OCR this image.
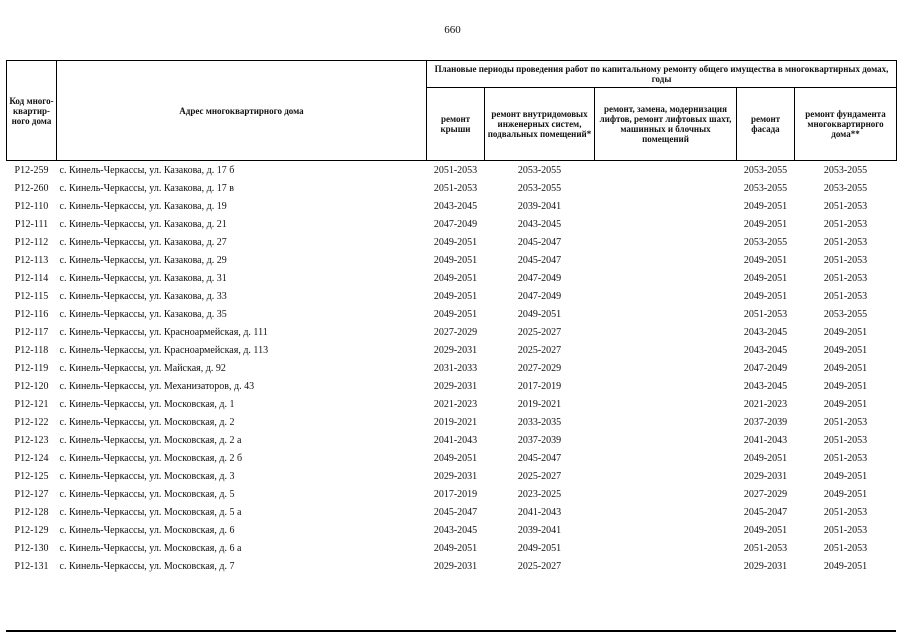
660
Код много-квартир-ного дома	Адрес многоквартирного дома	Плановые периоды проведения работ по капитальному ремонту общего имущества в многоквартирных домах, годы				
		ремонт крыши	ремонт внутридомовых инженерных систем, подвальных помещений*	ремонт, замена, модернизация лифтов, ремонт лифтовых шахт, машинных и блочных помещений	ремонт фасада	ремонт фундамента многоквартирного дома**
P12-259	с. Кинель-Черкассы, ул. Казакова, д. 17 б	2051-2053	2053-2055		2053-2055	2053-2055
P12-260	с. Кинель-Черкассы, ул. Казакова, д. 17 в	2051-2053	2053-2055		2053-2055	2053-2055
P12-110	с. Кинель-Черкассы, ул. Казакова, д. 19	2043-2045	2039-2041		2049-2051	2051-2053
P12-111	с. Кинель-Черкассы, ул. Казакова, д. 21	2047-2049	2043-2045		2049-2051	2051-2053
P12-112	с. Кинель-Черкассы, ул. Казакова, д. 27	2049-2051	2045-2047		2053-2055	2051-2053
P12-113	с. Кинель-Черкассы, ул. Казакова, д. 29	2049-2051	2045-2047		2049-2051	2051-2053
P12-114	с. Кинель-Черкассы, ул. Казакова, д. 31	2049-2051	2047-2049		2049-2051	2051-2053
P12-115	с. Кинель-Черкассы, ул. Казакова, д. 33	2049-2051	2047-2049		2049-2051	2051-2053
P12-116	с. Кинель-Черкассы, ул. Казакова, д. 35	2049-2051	2049-2051		2051-2053	2053-2055
P12-117	с. Кинель-Черкассы, ул. Красноармейская, д. 111	2027-2029	2025-2027		2043-2045	2049-2051
P12-118	с. Кинель-Черкассы, ул. Красноармейская, д. 113	2029-2031	2025-2027		2043-2045	2049-2051
P12-119	с. Кинель-Черкассы, ул. Майская, д. 92	2031-2033	2027-2029		2047-2049	2049-2051
P12-120	с. Кинель-Черкассы, ул. Механизаторов, д. 43	2029-2031	2017-2019		2043-2045	2049-2051
P12-121	с. Кинель-Черкассы, ул. Московская, д. 1	2021-2023	2019-2021		2021-2023	2049-2051
P12-122	с. Кинель-Черкассы, ул. Московская, д. 2	2019-2021	2033-2035		2037-2039	2051-2053
P12-123	с. Кинель-Черкассы, ул. Московская, д. 2 а	2041-2043	2037-2039		2041-2043	2051-2053
P12-124	с. Кинель-Черкассы, ул. Московская, д. 2 б	2049-2051	2045-2047		2049-2051	2051-2053
P12-125	с. Кинель-Черкассы, ул. Московская, д. 3	2029-2031	2025-2027		2029-2031	2049-2051
P12-127	с. Кинель-Черкассы, ул. Московская, д. 5	2017-2019	2023-2025		2027-2029	2049-2051
P12-128	с. Кинель-Черкассы, ул. Московская, д. 5 а	2045-2047	2041-2043		2045-2047	2051-2053
P12-129	с. Кинель-Черкассы, ул. Московская, д. 6	2043-2045	2039-2041		2049-2051	2051-2053
P12-130	с. Кинель-Черкассы, ул. Московская, д. 6 а	2049-2051	2049-2051		2051-2053	2051-2053
P12-131	с. Кинель-Черкассы, ул. Московская, д. 7	2029-2031	2025-2027		2029-2031	2049-2051
